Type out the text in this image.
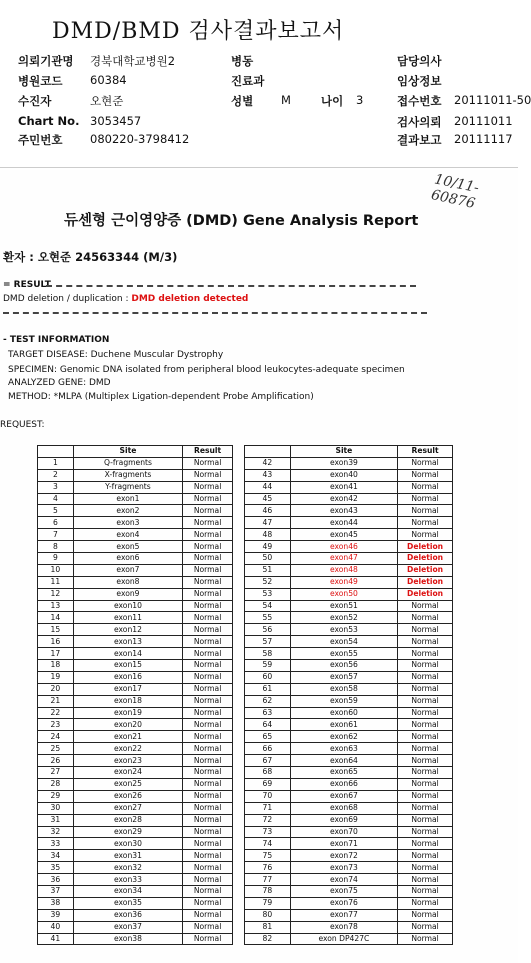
DMD/BMD 검사결과보고서
의뢰기관명 경북대학교병원2	병동	담당의사
병원코드 60384	진료과	임상정보
수진자	오현준	성별 M	나이 3	접수번호 20111011-50
Chart No. 3053457	검사의뢰 20111011
주민번호 080220-3798412	결과보고 20111117
10/11-60876
듀센형 근이영양증 (DMD) Gene Analysis Report
환자 : 오현준 24563344 (M/3)
= RESULT
DMD deletion / duplication : DMD deletion detected
- TEST INFORMATION
TARGET DISEASE: Duchene Muscular Dystrophy
SPECIMEN: Genomic DNA isolated from peripheral blood leukocytes-adequate specimen
ANALYZED GENE: DMD
METHOD: *MLPA (Multiplex Ligation-dependent Probe Amplification)
REQUEST:
	Site	Result
1	Q-fragments	Normal
2	X-fragments	Normal
3	Y-fragments	Normal
4	exon1	Normal
5	exon2	Normal
6	exon3	Normal
7	exon4	Normal
8	exon5	Normal
9	exon6	Normal
10	exon7	Normal
11	exon8	Normal
12	exon9	Normal
13	exon10	Normal
14	exon11	Normal
15	exon12	Normal
16	exon13	Normal
17	exon14	Normal
18	exon15	Normal
19	exon16	Normal
20	exon17	Normal
21	exon18	Normal
22	exon19	Normal
23	exon20	Normal
24	exon21	Normal
25	exon22	Normal
26	exon23	Normal
27	exon24	Normal
28	exon25	Normal
29	exon26	Normal
30	exon27	Normal
31	exon28	Normal
32	exon29	Normal
33	exon30	Normal
34	exon31	Normal
35	exon32	Normal
36	exon33	Normal
37	exon34	Normal
38	exon35	Normal
39	exon36	Normal
40	exon37	Normal
41	exon38	Normal
	Site	Result
42	exon39	Normal
43	exon40	Normal
44	exon41	Normal
45	exon42	Normal
46	exon43	Normal
47	exon44	Normal
48	exon45	Normal
49	exon46	Deletion
50	exon47	Deletion
51	exon48	Deletion
52	exon49	Deletion
53	exon50	Deletion
54	exon51	Normal
55	exon52	Normal
56	exon53	Normal
57	exon54	Normal
58	exon55	Normal
59	exon56	Normal
60	exon57	Normal
61	exon58	Normal
62	exon59	Normal
63	exon60	Normal
64	exon61	Normal
65	exon62	Normal
66	exon63	Normal
67	exon64	Normal
68	exon65	Normal
69	exon66	Normal
70	exon67	Normal
71	exon68	Normal
72	exon69	Normal
73	exon70	Normal
74	exon71	Normal
75	exon72	Normal
76	exon73	Normal
77	exon74	Normal
78	exon75	Normal
79	exon76	Normal
80	exon77	Normal
81	exon78	Normal
82	exon DP427C	Normal
